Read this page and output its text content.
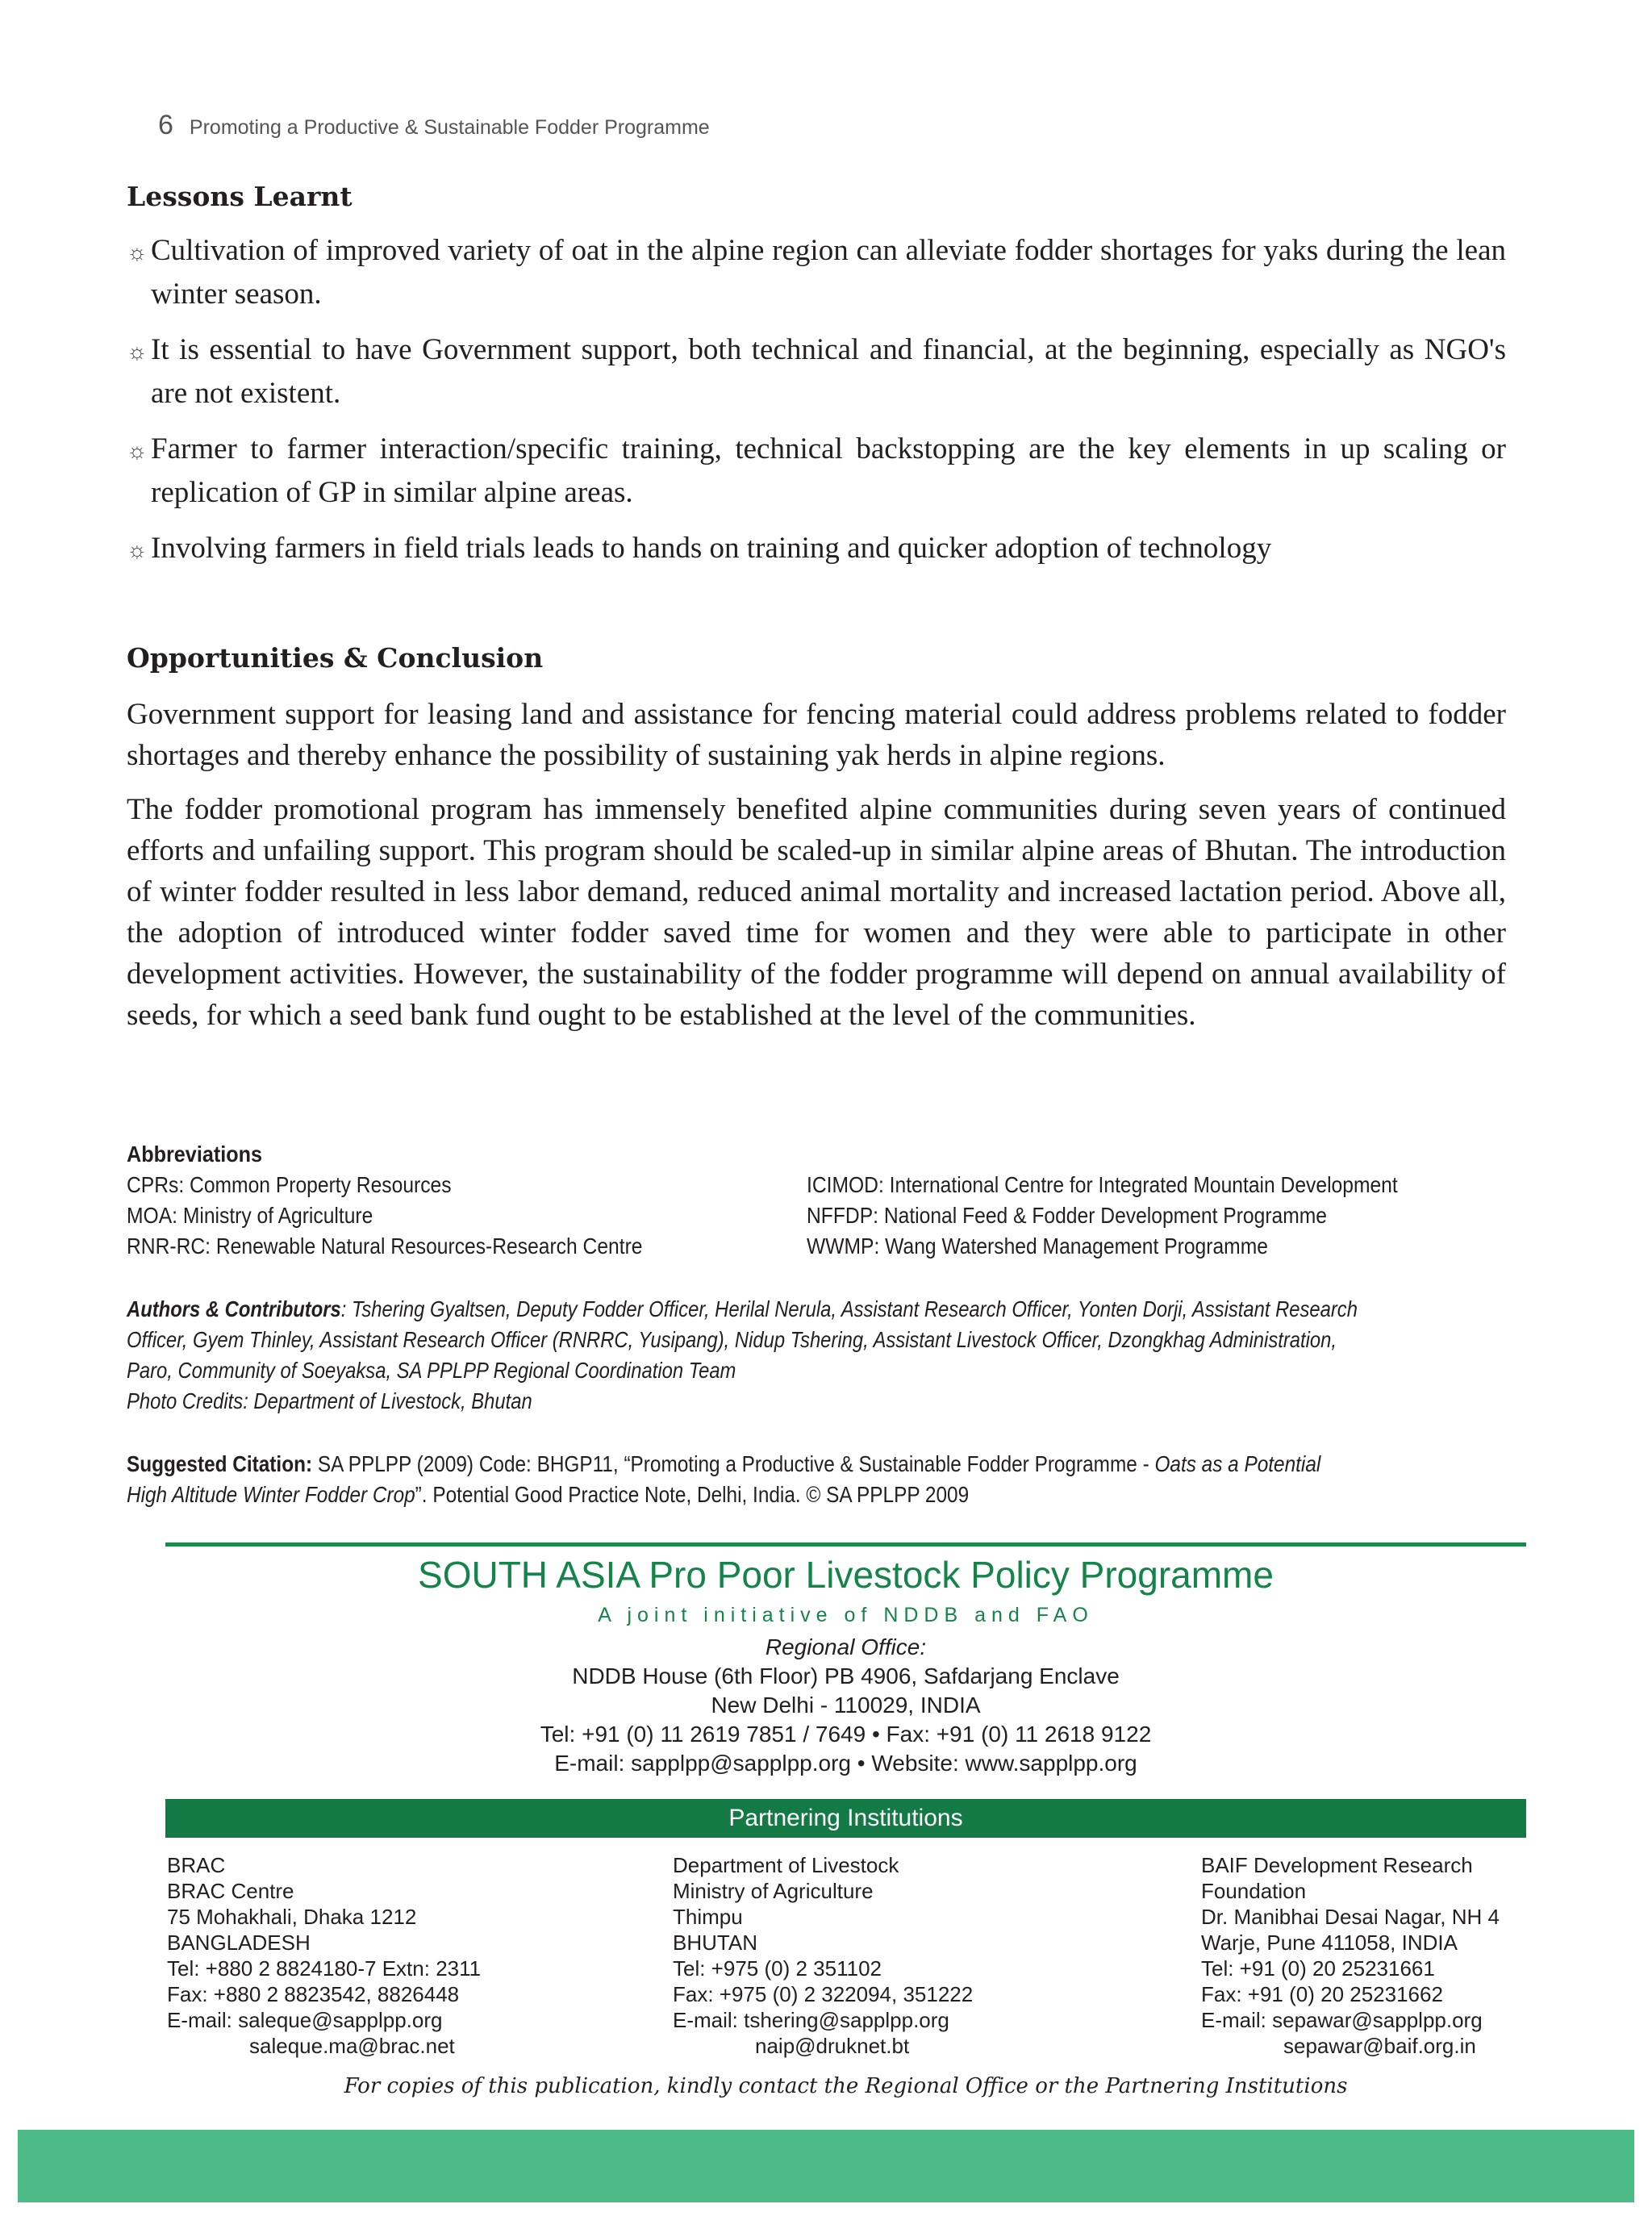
6 Promoting a Productive & Sustainable Fodder Programme
Lessons Learnt
☼ Cultivation of improved variety of oat in the alpine region can alleviate fodder shortages for yaks during the lean winter season.
☼ It is essential to have Government support, both technical and financial, at the beginning, especially as NGO's are not existent.
☼ Farmer to farmer interaction/specific training, technical backstopping are the key elements in up scaling or replication of GP in similar alpine areas.
☼ Involving farmers in field trials leads to hands on training and quicker adoption of technology
Opportunities & Conclusion

Government support for leasing land and assistance for fencing material could address problems related to fodder shortages and thereby enhance the possibility of sustaining yak herds in alpine regions.

The fodder promotional program has immensely benefited alpine communities during seven years of continued efforts and unfailing support. This program should be scaled-up in similar alpine areas of Bhutan. The introduction of winter fodder resulted in less labor demand, reduced animal mortality and increased lactation period. Above all, the adoption of introduced winter fodder saved time for women and they were able to participate in other development activities. However, the sustainability of the fodder programme will depend on annual availability of seeds, for which a seed bank fund ought to be established at the level of the communities.

Abbreviations
CPRs: Common Property Resources	ICIMOD: International Centre for Integrated Mountain Development
MOA: Ministry of Agriculture	NFFDP: National Feed & Fodder Development Programme
RNR-RC: Renewable Natural Resources-Research Centre	WWMP: Wang Watershed Management Programme
Authors & Contributors: Tshering Gyaltsen, Deputy Fodder Officer, Herilal Nerula, Assistant Research Officer, Yonten Dorji, Assistant Research
Officer, Gyem Thinley, Assistant Research Officer (RNRRC, Yusipang), Nidup Tshering, Assistant Livestock Officer, Dzongkhag Administration,
Paro, Community of Soeyaksa, SA PPLPP Regional Coordination Team
Photo Credits: Department of Livestock, Bhutan
Suggested Citation: SA PPLPP (2009) Code: BHGP11, “Promoting a Productive & Sustainable Fodder Programme - Oats as a Potential
High Altitude Winter Fodder Crop”. Potential Good Practice Note, Delhi, India. © SA PPLPP 2009
SOUTH ASIA Pro Poor Livestock Policy Programme
A joint initiative of NDDB and FAO
Regional Office:
NDDB House (6th Floor) PB 4906, Safdarjang Enclave
New Delhi - 110029, INDIA
Tel: +91 (0) 11 2619 7851 / 7649 • Fax: +91 (0) 11 2618 9122
E-mail: sapplpp@sapplpp.org • Website: www.sapplpp.org
Partnering Institutions
BRAC
BRAC Centre
75 Mohakhali, Dhaka 1212
BANGLADESH
Tel: +880 2 8824180-7 Extn: 2311
Fax: +880 2 8823542, 8826448
E-mail: saleque@sapplpp.org
saleque.ma@brac.net
Department of Livestock
Ministry of Agriculture
Thimpu
BHUTAN
Tel: +975 (0) 2 351102
Fax: +975 (0) 2 322094, 351222
E-mail: tshering@sapplpp.org
naip@druknet.bt
BAIF Development Research
Foundation
Dr. Manibhai Desai Nagar, NH 4
Warje, Pune 411058, INDIA
Tel: +91 (0) 20 25231661
Fax: +91 (0) 20 25231662
E-mail: sepawar@sapplpp.org
sepawar@baif.org.in
For copies of this publication, kindly contact the Regional Office or the Partnering Institutions
